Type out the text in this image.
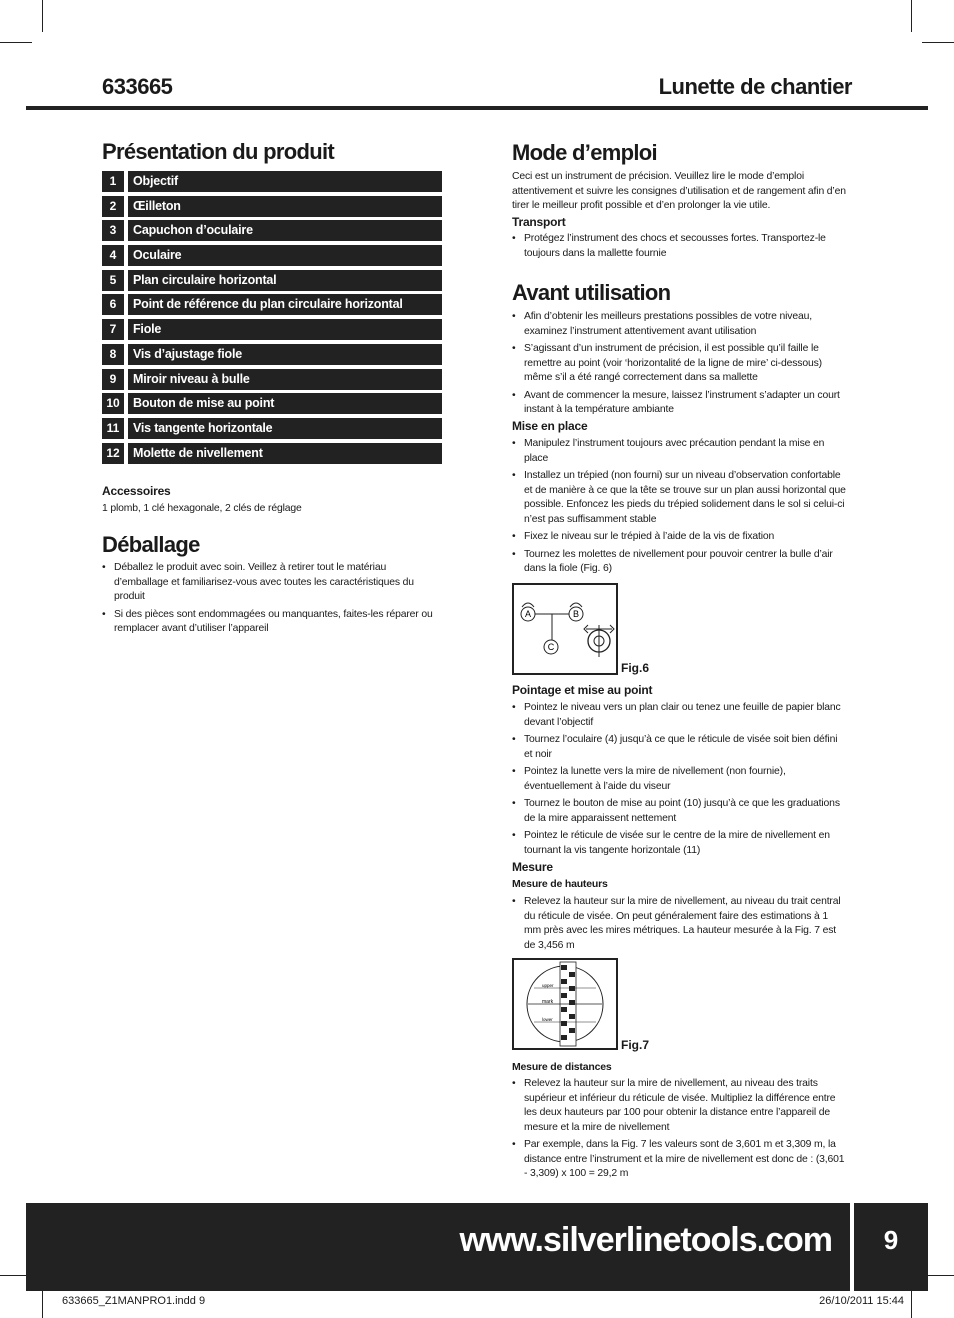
633665	Lunette de chantier
Présentation du produit
1	Objectif
2	Œilleton
3	Capuchon d’oculaire
4	Oculaire
5	Plan circulaire horizontal
6	Point de référence du plan circulaire horizontal
7	Fiole
8	Vis d’ajustage fiole
9	Miroir niveau à bulle
10	Bouton de mise au point
11	Vis tangente horizontale
12	Molette de nivellement
Accessoires

1 plomb, 1 clé hexagonale, 2 clés de réglage

Déballage
• Déballez le produit avec soin. Veillez à retirer tout le matériau d’emballage et familiarisez-vous avec toutes les caractéristiques du produit
• Si des pièces sont endommagées ou manquantes, faites-les réparer ou remplacer avant d’utiliser l’appareil
Mode d’emploi

Ceci est un instrument de précision. Veuillez lire le mode d’emploi attentivement et suivre les consignes d’utilisation et de rangement afin d’en tirer le meilleur profit possible et d’en prolonger la vie utile.

Transport
• Protégez l’instrument des chocs et secousses fortes. Transportez-le toujours dans la mallette fournie
Avant utilisation
• Afin d’obtenir les meilleurs prestations possibles de votre niveau, examinez l’instrument attentivement avant utilisation
• S’agissant d’un instrument de précision, il est possible qu’il faille le remettre au point (voir ‘horizontalité de la ligne de mire’ ci-dessous) même s’il a été rangé correctement dans sa mallette
• Avant de commencer la mesure, laissez l’instrument s’adapter un court instant à la température ambiante
Mise en place
• Manipulez l’instrument toujours avec précaution pendant la mise en place
• Installez un trépied (non fourni) sur un niveau d’observation confortable et de manière à ce que la tête se trouve sur un plan aussi horizontal que possible. Enfoncez les pieds du trépied solidement dans le sol si celui-ci n’est pas suffisamment stable
• Fixez le niveau sur le trépied à l’aide de la vis de fixation
• Tournez les molettes de nivellement pour pouvoir centrer la bulle d’air dans la fiole (Fig. 6)
A	B
C
Fig.6
Pointage et mise au point
• Pointez le niveau vers un plan clair ou tenez une feuille de papier blanc devant l’objectif
• Tournez l’oculaire (4) jusqu’à ce que le réticule de visée soit bien défini et noir
• Pointez la lunette vers la mire de nivellement (non fournie), éventuellement à l’aide du viseur
• Tournez le bouton de mise au point (10) jusqu’à ce que les graduations de la mire apparaissent nettement
• Pointez le réticule de visée sur le centre de la mire de nivellement en tournant la vis tangente horizontale (11)
Mesure
Mesure de hauteurs
• Relevez la hauteur sur la mire de nivellement, au niveau du trait central du réticule de visée. On peut généralement faire des estimations à 1 mm près avec les mires métriques. La hauteur mesurée à la Fig. 7 est de 3,456 m
upper
mark
lower
Fig.7
Mesure de distances
• Relevez la hauteur sur la mire de nivellement, au niveau des traits supérieur et inférieur du réticule de visée. Multipliez la différence entre les deux hauteurs par 100 pour obtenir la distance entre l’appareil de mesure et la mire de nivellement
• Par exemple, dans la Fig. 7 les valeurs sont de 3,601 m et 3,309 m, la distance entre l’instrument et la mire de nivellement est donc de : (3,601 - 3,309) x 100 = 29,2 m
www.silverlinetools.com	9
633665_Z1MANPRO1.indd 9	26/10/2011 15:44
